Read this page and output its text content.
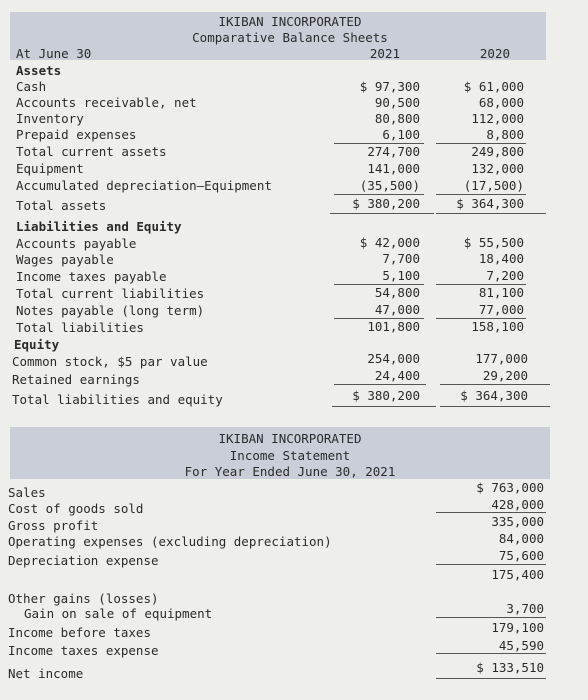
IKIBAN INCORPORATED
Comparative Balance Sheets
At June 30	2021	2020
Assets
Cash	$ 97,300	$ 61,000
Accounts receivable, net	90,500	68,000
Inventory	80,800	112,000
Prepaid expenses	6,100	8,800
Total current assets	274,700	249,800
Equipment	141,000	132,000
Accumulated depreciation–Equipment	(35,500)	(17,500)
Total assets	$ 380,200	$ 364,300
Liabilities and Equity
Accounts payable	$ 42,000	$ 55,500
Wages payable	7,700	18,400
Income taxes payable	5,100	7,200
Total current liabilities	54,800	81,100
Notes payable (long term)	47,000	77,000
Total liabilities	101,800	158,100
Equity
Common stock, $5 par value	254,000	177,000
Retained earnings	24,400	29,200
Total liabilities and equity	$ 380,200	$ 364,300
IKIBAN INCORPORATED
Income Statement
For Year Ended June 30, 2021
Sales	$ 763,000
Cost of goods sold	428,000
Gross profit	335,000
Operating expenses (excluding depreciation)	84,000
Depreciation expense	75,600
175,400
Other gains (losses)
Gain on sale of equipment	3,700
Income before taxes	179,100
Income taxes expense	45,590
Net income	$ 133,510
